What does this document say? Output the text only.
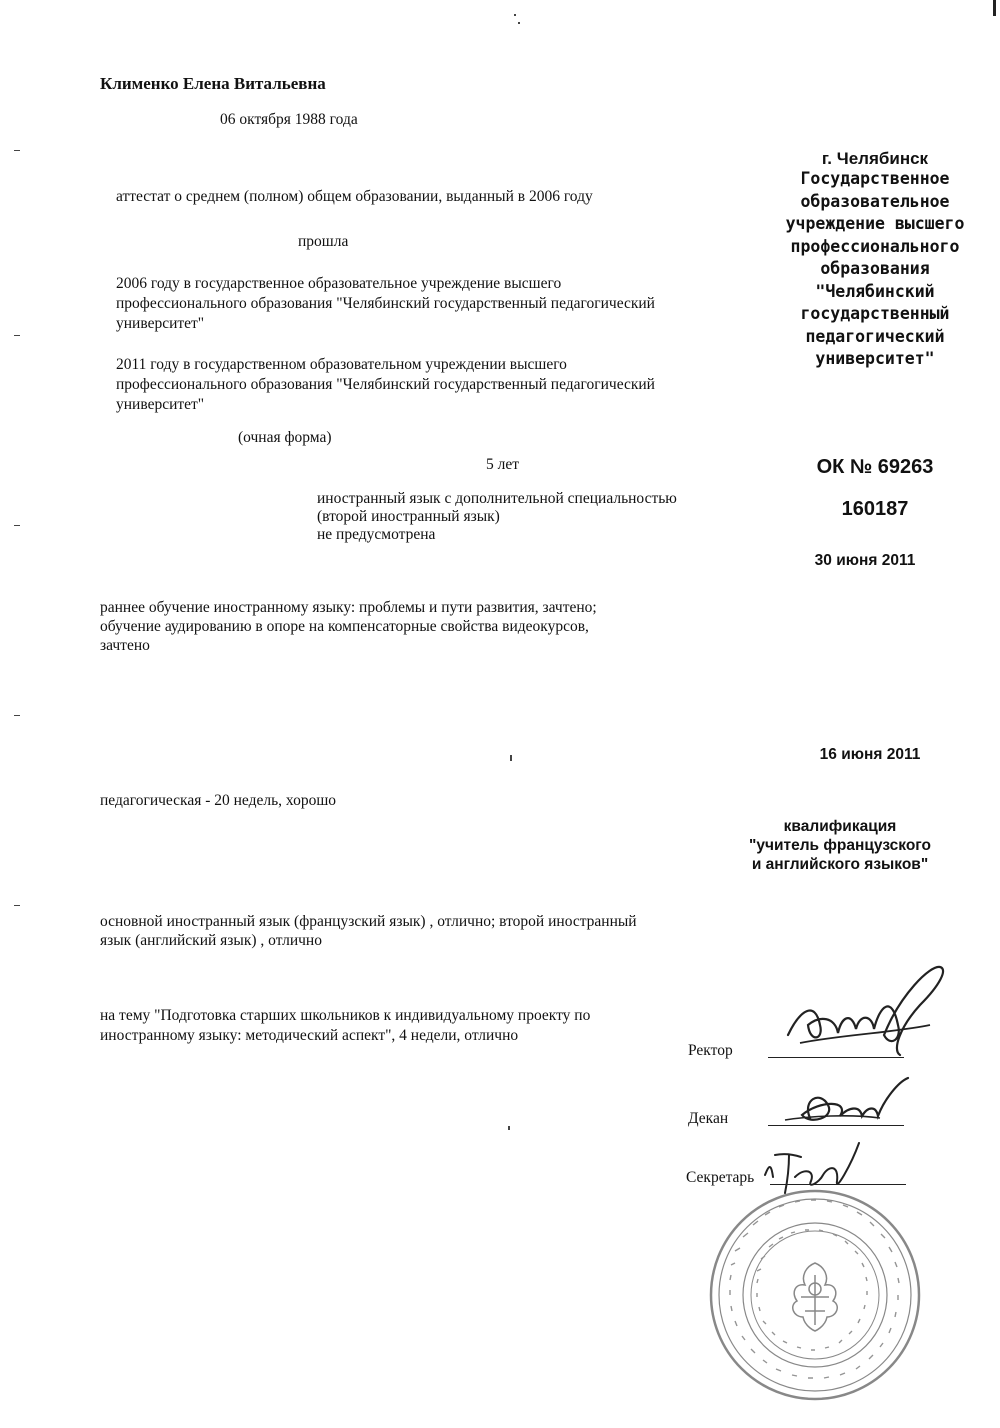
Клименко Елена Витальевна
06 октября 1988 года
аттестат о среднем (полном) общем образовании, выданный в 2006 году
прошла
2006 году в государственное образовательное учреждение высшего
профессионального образования "Челябинский государственный педагогический
университет"
2011 году в государственном образовательном учреждении высшего
профессионального образования "Челябинский государственный педагогический
университет"
(очная форма)
5 лет
иностранный язык с дополнительной специальностью
(второй иностранный язык)
не предусмотрена
раннее обучение иностранному языку: проблемы и пути развития, зачтено;
обучение аудированию в опоре на компенсаторные свойства видеокурсов,
зачтено
педагогическая - 20 недель, хорошо
основной иностранный язык (французский язык) , отлично; второй иностранный
язык (английский язык) , отлично
на тему "Подготовка старших школьников к индивидуальному проекту по
иностранному языку: методический аспект", 4 недели, отлично
г. Челябинск
Государственное
образовательное
учреждение высшего
профессионального
образования
"Челябинский
государственный
педагогический
университет"
ОК № 69263
160187
30 июня 2011
16 июня 2011
квалификация
"учитель французского
и английского языков"
Ректор
Декан
Секретарь
